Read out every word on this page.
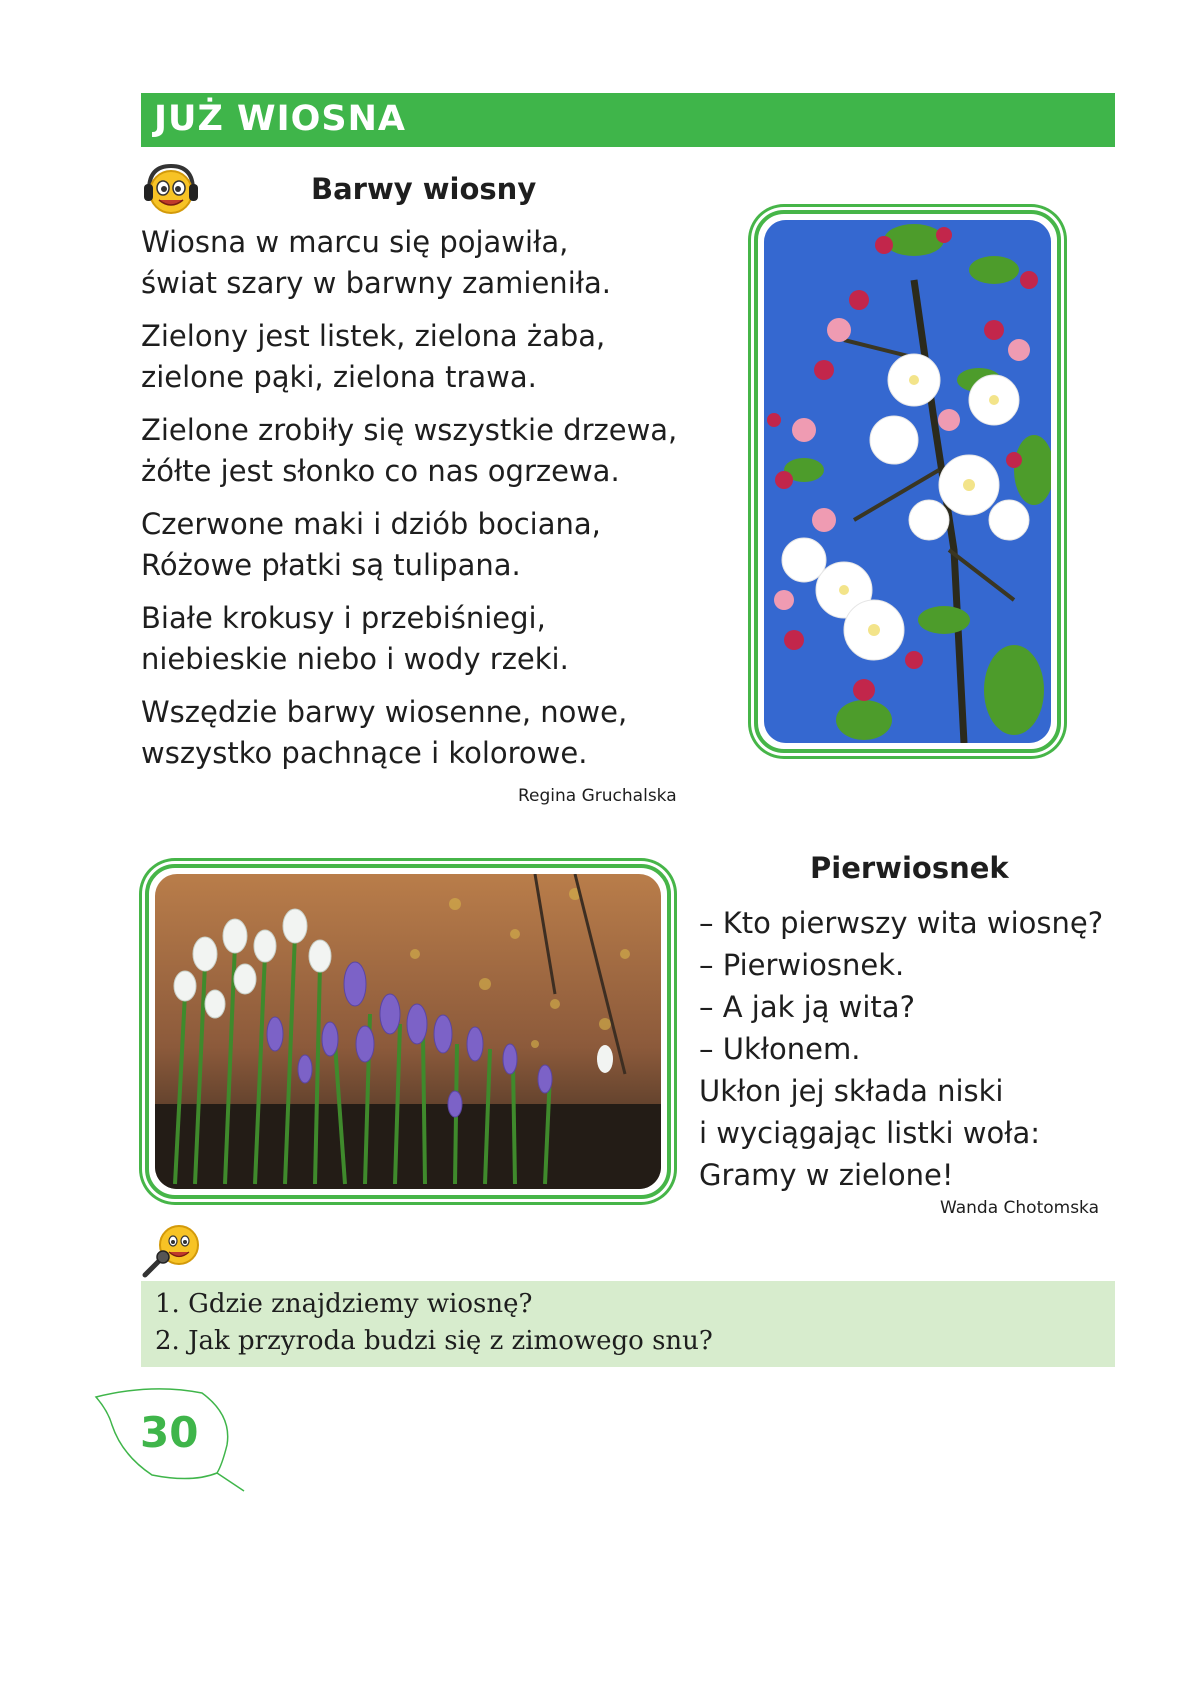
JUŻ WIOSNA
Barwy wiosny
Wiosna w marcu się pojawiła,
świat szary w barwny zamieniła.
Zielony jest listek, zielona żaba,
zielone pąki, zielona trawa.
Zielone zrobiły się wszystkie drzewa,
żółte jest słonko co nas ogrzewa.
Czerwone maki i dziób bociana,
Różowe płatki są tulipana.
Białe krokusy i przebiśniegi,
niebieskie niebo i wody rzeki.
Wszędzie barwy wiosenne, nowe,
wszystko pachnące i kolorowe.
Regina Gruchalska
Pierwiosnek
– Kto pierwszy wita wiosnę?
– Pierwiosnek.
– A jak ją wita?
– Ukłonem.
Ukłon jej składa niski
i wyciągając listki woła:
Gramy w zielone!
Wanda Chotomska
1. Gdzie znajdziemy wiosnę?
2. Jak przyroda budzi się z zimowego snu?
30
